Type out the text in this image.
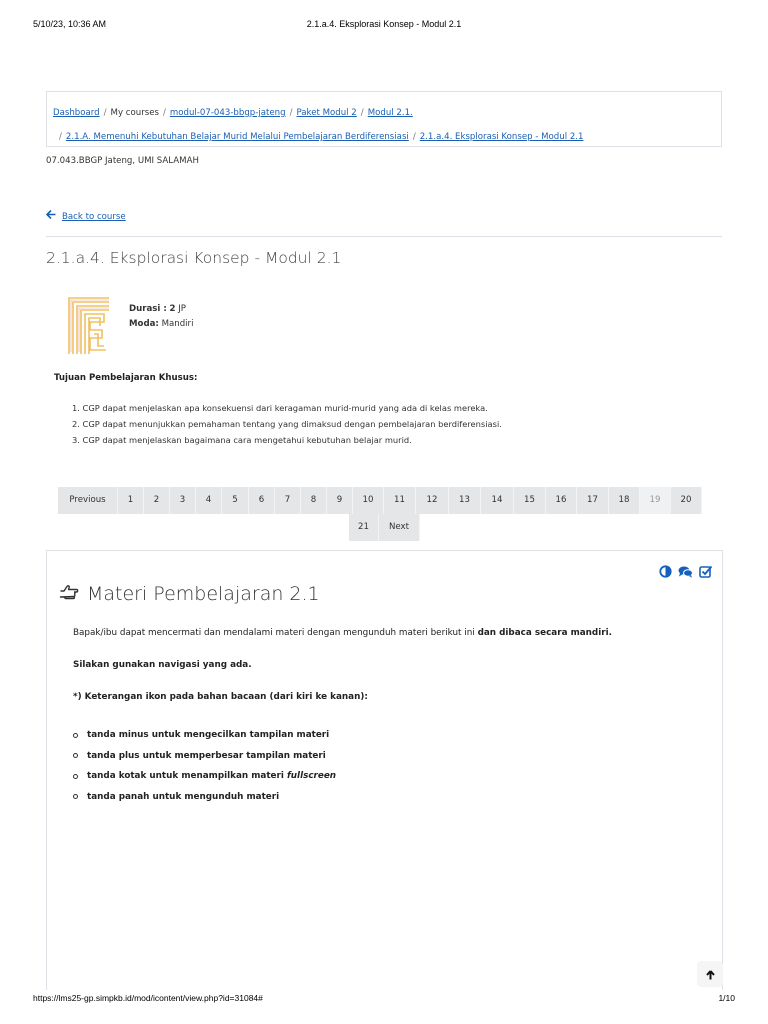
5/10/23, 10:36 AM	2.1.a.4. Eksplorasi Konsep - Modul 2.1
Dashboard / My courses / modul-07-043-bbgp-jateng / Paket Modul 2 / Modul 2.1.
/ 2.1.A. Memenuhi Kebutuhan Belajar Murid Melalui Pembelajaran Berdiferensiasi / 2.1.a.4. Eksplorasi Konsep - Modul 2.1
07.043.BBGP Jateng, UMI SALAMAH
Back to course
2.1.a.4. Eksplorasi Konsep - Modul 2.1
Durasi : 2 JP
Moda: Mandiri
Tujuan Pembelajaran Khusus:
1. CGP dapat menjelaskan apa konsekuensi dari keragaman murid-murid yang ada di kelas mereka.
2. CGP dapat menunjukkan pemahaman tentang yang dimaksud dengan pembelajaran berdiferensiasi.
3. CGP dapat menjelaskan bagaimana cara mengetahui kebutuhan belajar murid.
Previous	1	2	3	4	5	6	7	8	9	10	11	12	13	14	15	16	17	18	19	20
21	Next
Materi Pembelajaran 2.1

Bapak/ibu dapat mencermati dan mendalami materi dengan mengunduh materi berikut ini dan dibaca secara mandiri.

Silakan gunakan navigasi yang ada.

*) Keterangan ikon pada bahan bacaan (dari kiri ke kanan):

tanda minus untuk mengecilkan tampilan materi
tanda plus untuk memperbesar tampilan materi
tanda kotak untuk menampilkan materi
fullscreen
tanda panah untuk mengunduh materi
https://lms25-gp.simpkb.id/mod/icontent/view.php?id=31084#	1/10
